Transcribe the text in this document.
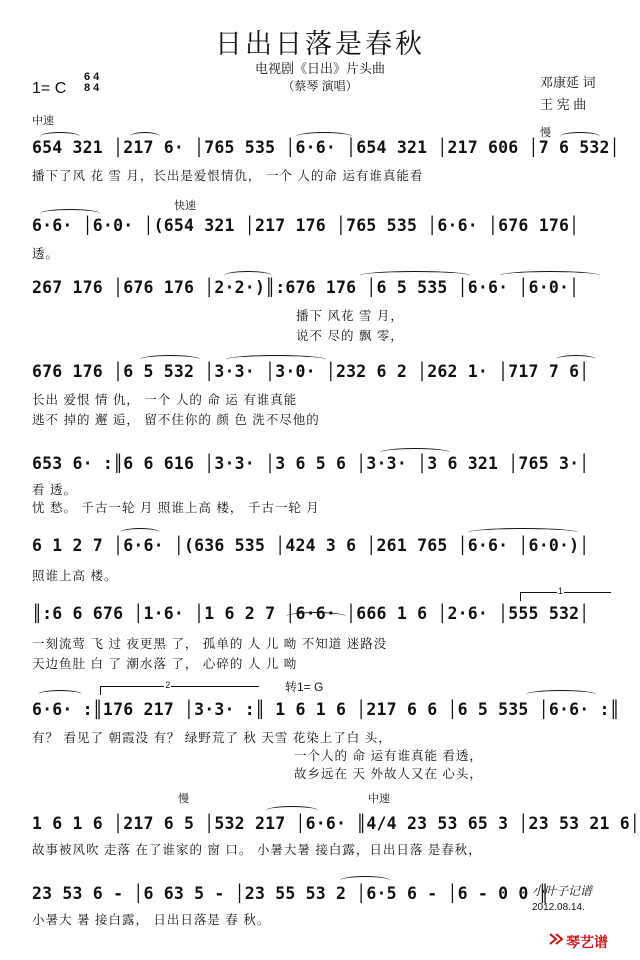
日出日落是春秋
电视剧《日出》片头曲
（蔡琴 演唱）
1= C
6 4
8 4	邓康延 词
王 宪 曲
中速
慢
快速
慢	中速
转1= G
1
2
654 321 │217 6· │765 535 │6·6· │654 321 │217 606 │7 6 532│
播下了风 花 雪 月，长出是爱恨情仇， 一个 人的命 运有谁真能看
6·6· │6·0· │(654 321 │217 176 │765 535 │6·6· │676 176│
透。
267 176 │676 176 │2·2·)║:676 176 │6 5 535 │6·6· │6·0·│
播下 风花 雪 月，
说不 尽的 飘 零，
676 176 │6 5 532 │3·3· │3·0· │232 6 2 │262 1· │717 7 6│
长出 爱恨 情 仇， 一个 人的 命 运 有谁真能
逃不 掉的 邂 逅， 留不住你的 颜 色 洗不尽他的
653 6· :║6 6 616 │3·3· │3 6 5 6 │3·3· │3 6 321 │765 3·│
看 透。
忧 愁。 千古一轮 月 照谁上高 楼， 千古一轮 月
6 1 2 7 │6·6· │(636 535 │424 3 6 │261 765 │6·6· │6·0·)│
照谁上高 楼。
║:6 6 676 │1·6· │1 6 2 7 │6·6· │666 1 6 │2·6· │555 532│
一刻流莺 飞 过 夜更黑 了， 孤单的 人 儿 呦 不知道 迷路没
天边鱼肚 白 了 潮水落 了， 心碎的 人 儿 呦
6·6· :║176 217 │3·3· :║ 1 6 1 6 │217 6 6 │6 5 535 │6·6· :║
有？ 看见了 朝霞没 有？ 绿野荒了 秋 天雪 花染上了白 头，
一个人的 命 运有谁真能 看透，
故乡远在 天 外故人又在 心头，
1 6 1 6 │217 6 5 │532 217 │6·6· ║4/4 23 53 65 3 │23 53 21 6│
故事被风吹 走落 在了谁家的 窗 口。 小暑大暑 接白露，日出日落 是春秋，
23 53 6 - │6 63 5 - │23 55 53 2 │6·5 6 - │6 - 0 0 ║
小暑大 暑 接白露， 日出日落是 春 秋。
小叶子记谱
2012.08.14.
琴艺谱
